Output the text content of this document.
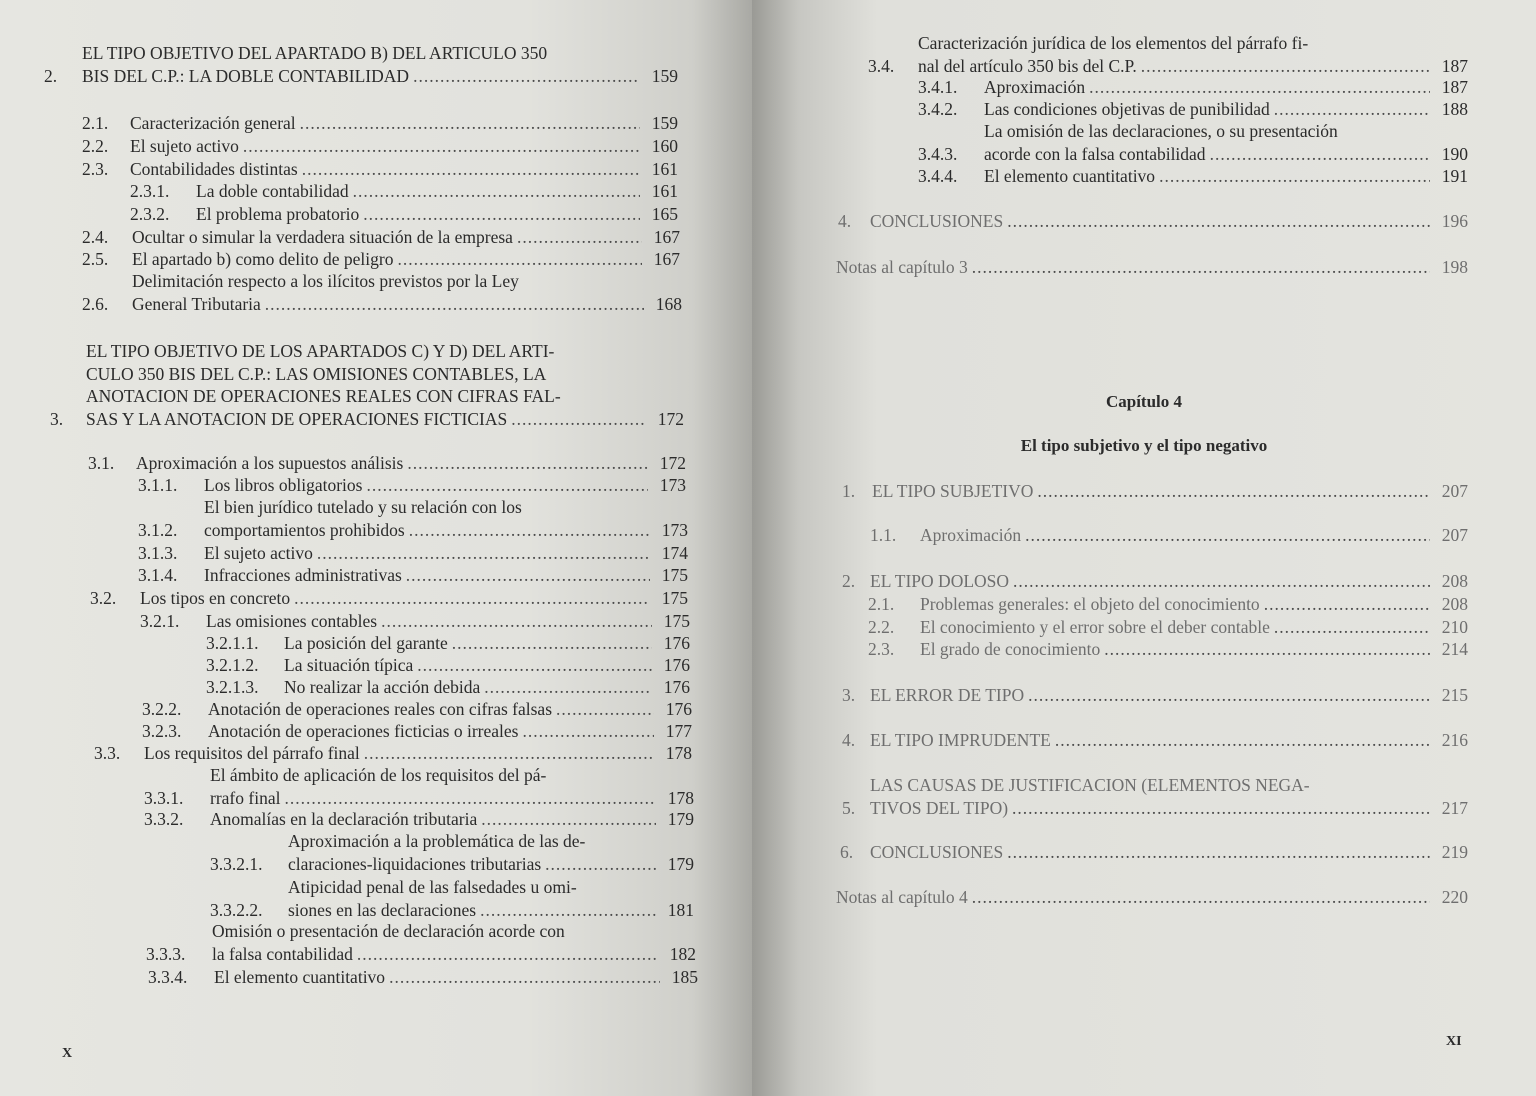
2.
EL TIPO OBJETIVO DEL APARTADO B) DEL ARTICULO 350
BIS DEL C.P.: LA DOBLE CONTABILIDAD .....	159
2.1.	Caracterización general .....	159
2.2.	El sujeto activo .....	160
2.3.	Contabilidades distintas .....	161
2.3.1.	La doble contabilidad .....	161
2.3.2.	El problema probatorio .....	165
2.4.	Ocultar o simular la verdadera situación de la empresa .....	167
2.5.	El apartado b) como delito de peligro .....	167
2.6.
Delimitación respecto a los ilícitos previstos por la Ley
General Tributaria .....	168
3.
EL TIPO OBJETIVO DE LOS APARTADOS C) Y D) DEL ARTI-
CULO 350 BIS DEL C.P.: LAS OMISIONES CONTABLES, LA
ANOTACION DE OPERACIONES REALES CON CIFRAS FAL-
SAS Y LA ANOTACION DE OPERACIONES FICTICIAS .....	172
3.1.	Aproximación a los supuestos análisis .....	172
3.1.1.	Los libros obligatorios .....	173
3.1.2.
El bien jurídico tutelado y su relación con los
comportamientos prohibidos .....	173
3.1.3.	El sujeto activo .....	174
3.1.4.	Infracciones administrativas .....	175
3.2.	Los tipos en concreto .....	175
3.2.1.	Las omisiones contables .....	175
3.2.1.1.	La posición del garante .....	176
3.2.1.2.	La situación típica .....	176
3.2.1.3.	No realizar la acción debida .....	176
3.2.2.	Anotación de operaciones reales con cifras falsas .....	176
3.2.3.	Anotación de operaciones ficticias o irreales .....	177
3.3.	Los requisitos del párrafo final .....	178
3.3.1.
El ámbito de aplicación de los requisitos del pá-
rrafo final .....	178
3.3.2.	Anomalías en la declaración tributaria .....	179
3.3.2.1.
Aproximación a la problemática de las de-
claraciones-liquidaciones tributarias .....	179
3.3.2.2.
Atipicidad penal de las falsedades u omi-
siones en las declaraciones .....	181
3.3.3.
Omisión o presentación de declaración acorde con
la falsa contabilidad .....	182
3.3.4.	El elemento cuantitativo .....	185
X
3.4.
Caracterización jurídica de los elementos del párrafo fi-
nal del artículo 350 bis del C.P. .....	187
3.4.1.	Aproximación .....	187
3.4.2.	Las condiciones objetivas de punibilidad .....	188
3.4.3.
La omisión de las declaraciones, o su presentación
acorde con la falsa contabilidad .....	190
3.4.4.	El elemento cuantitativo .....	191
4.	CONCLUSIONES .....	196
Notas al capítulo 3 .....	198
1. EL TIPO SUBJETIVO .....	207
1.1.	Aproximación .....	207
2. EL TIPO DOLOSO .....	208
2.1.	Problemas generales: el objeto del conocimiento .....	208
2.2.	El conocimiento y el error sobre el deber contable .....	210
2.3.	El grado de conocimiento .....	214
3. EL ERROR DE TIPO .....	215
4. EL TIPO IMPRUDENTE .....	216
5.
LAS CAUSAS DE JUSTIFICACION (ELEMENTOS NEGA-
TIVOS DEL TIPO) .....	217
6. CONCLUSIONES .....	219
Notas al capítulo 4 .....	220
Capítulo 4
El tipo subjetivo y el tipo negativo
XI
